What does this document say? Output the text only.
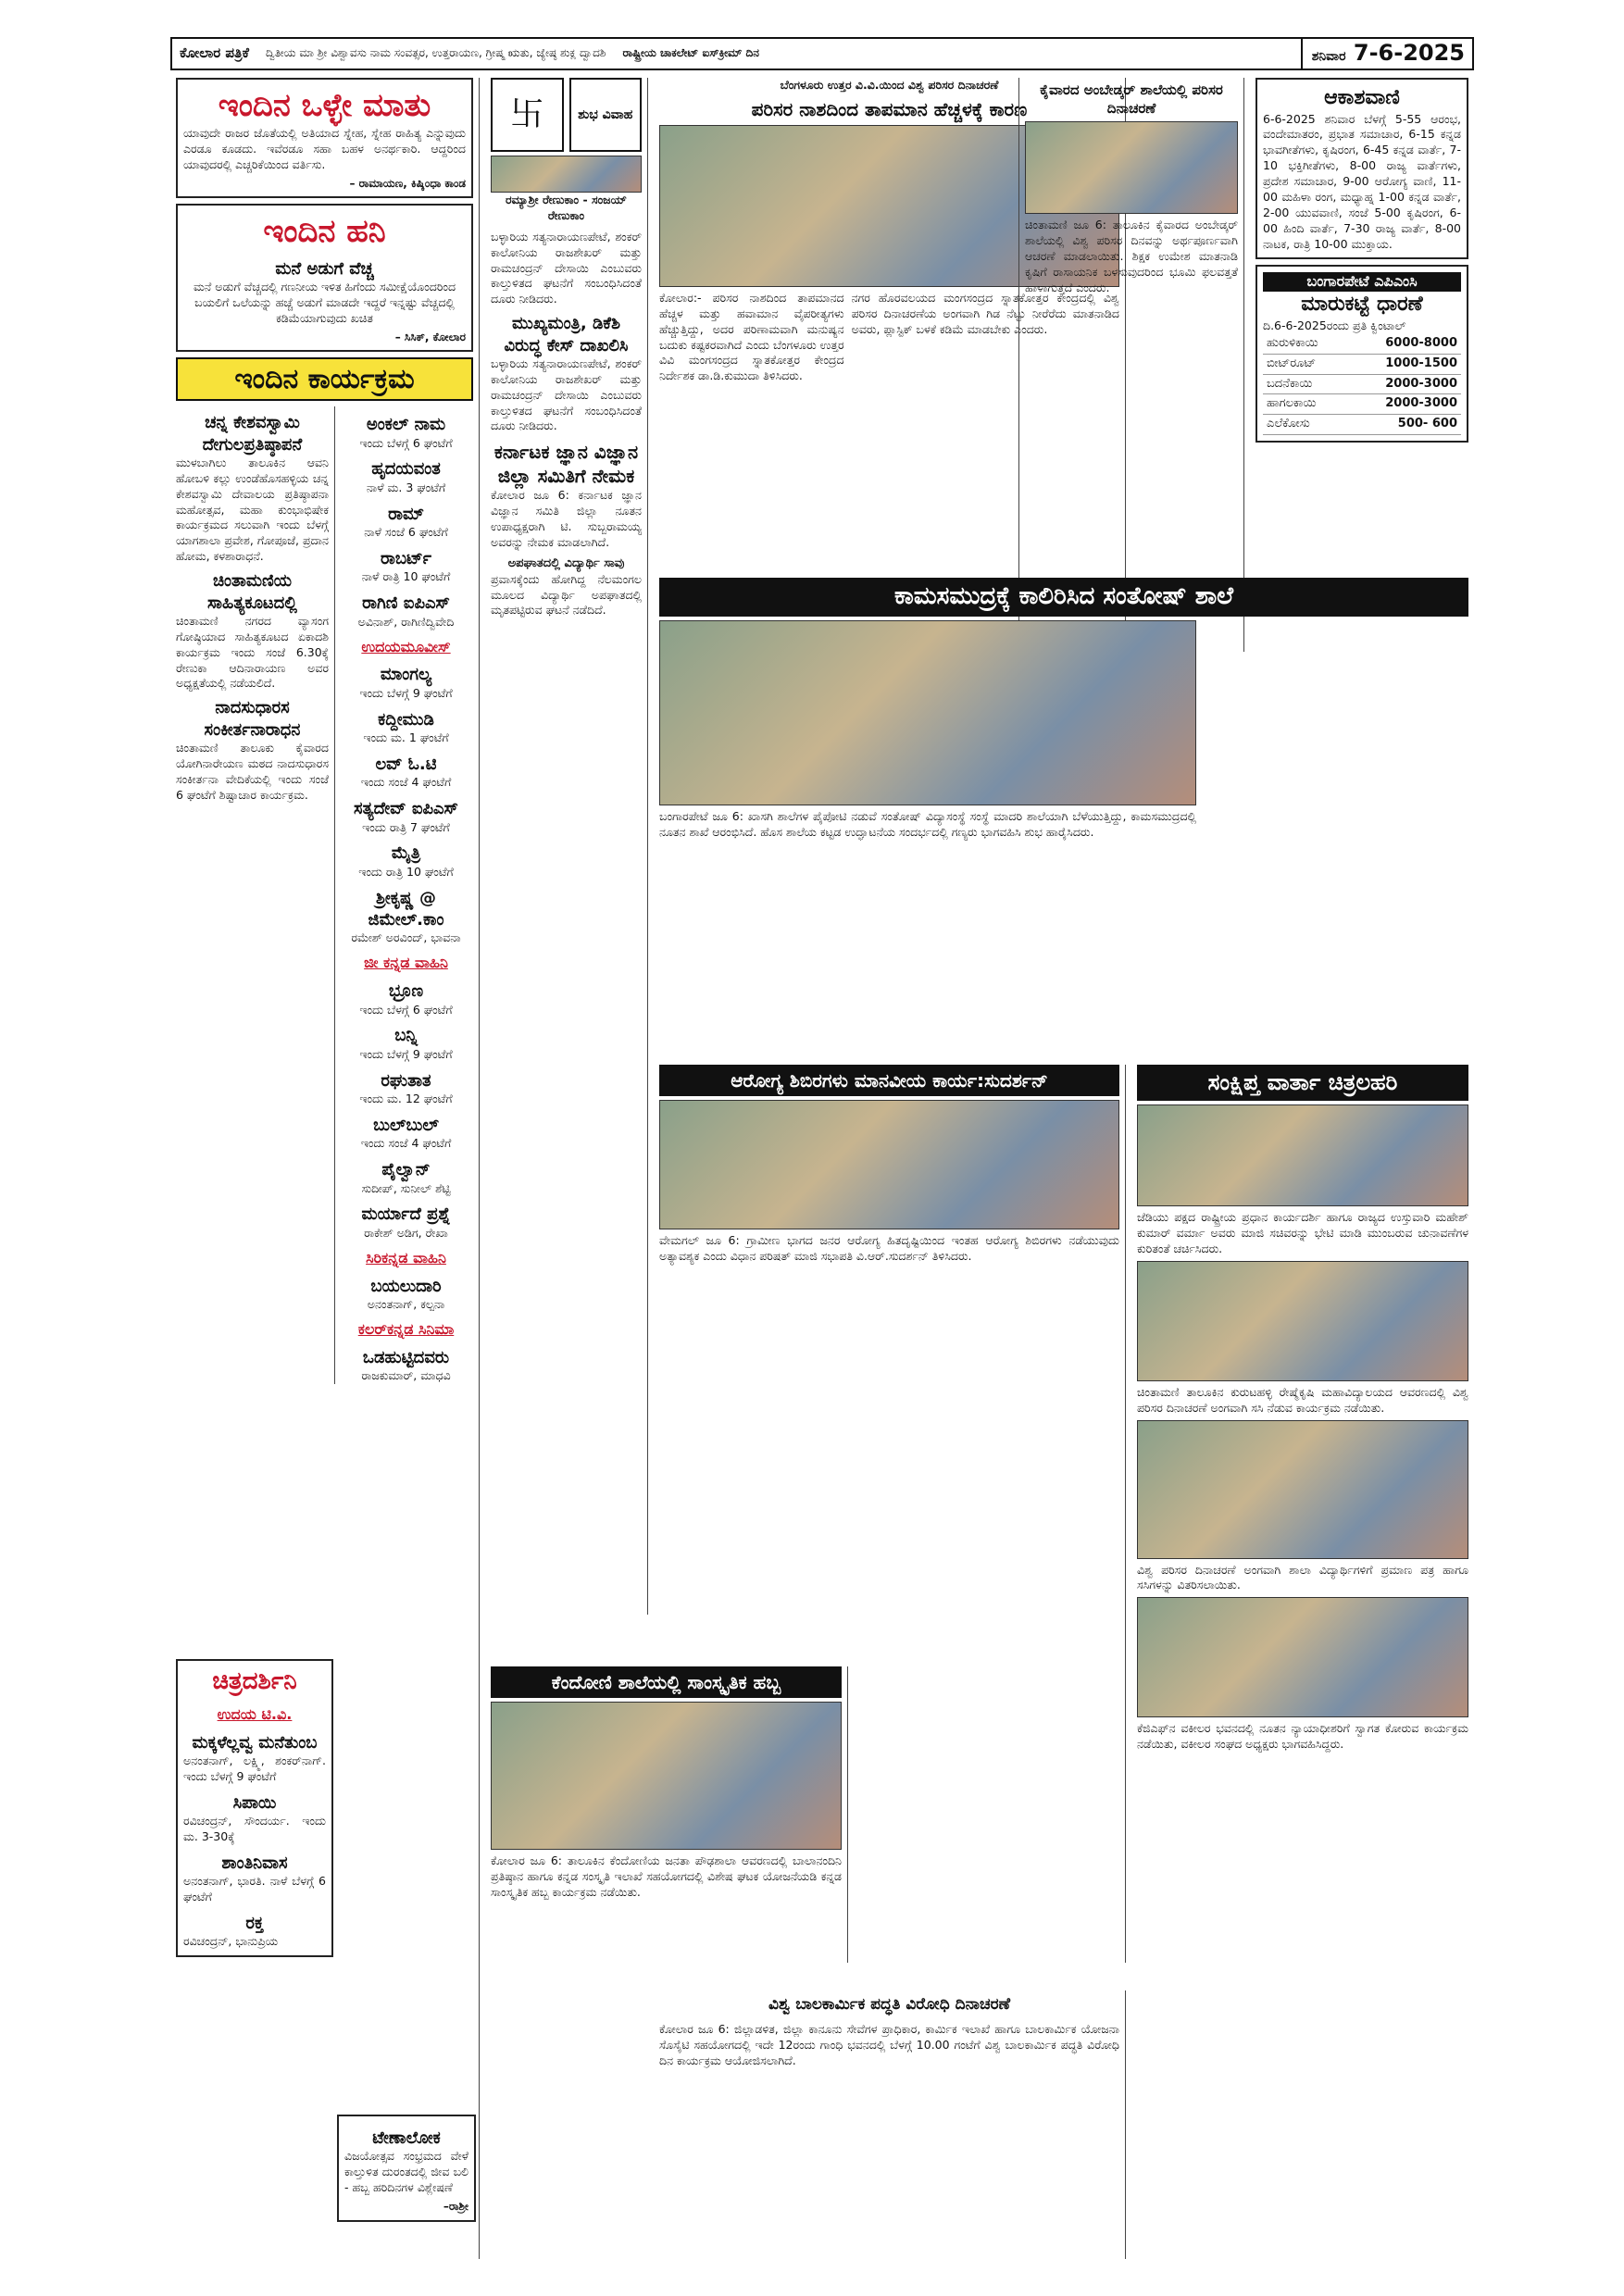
ಕೋಲಾರ ಪತ್ರಿಕೆ ದ್ವಿತೀಯ ಮಾ ಶ್ರೀ ವಿಶ್ವಾವಸು ನಾಮ ಸಂವತ್ಸರ, ಉತ್ತರಾಯಣ, ಗ್ರೀಷ್ಮ ಋತು, ಜ್ಯೇಷ್ಠ ಶುಕ್ಲ ದ್ವಾದಶಿ ರಾಷ್ಟ್ರೀಯ ಚಾಕಲೇಟ್ ಐಸ್‌ಕ್ರೀಮ್ ದಿನ	ಶನಿವಾರ 7-6-2025
ಇಂದಿನ ಒಳ್ಳೇ ಮಾತು
ಯಾವುದೇ ರಾಜರ ಜೊತೆಯಲ್ಲಿ ಅತಿಯಾದ ಸ್ನೇಹ, ಸ್ನೇಹ ರಾಹಿತ್ಯ ಎನ್ನುವುದು ಎರಡೂ ಕೂಡದು. ಇವೆರಡೂ ಸಹಾ ಬಹಳ ಅನರ್ಥಕಾರಿ. ಆದ್ದರಿಂದ ಯಾವುದರಲ್ಲಿ ಎಚ್ಚರಿಕೆಯಿಂದ ವರ್ತಿಸು.
– ರಾಮಾಯಣ, ಕಿಷ್ಕಿಂಧಾ ಕಾಂಡ
ಇಂದಿನ ಹನಿ
ಮನೆ ಅಡುಗೆ ವೆಚ್ಚ
ಮನೆ ಅಡುಗೆ ವೆಚ್ಚದಲ್ಲಿ ಗಣನೀಯ ಇಳಿತ ಹಿಗೆಂದು ಸಮೀಕ್ಷೆಯೊಂದರಿಂದ ಬಯಲಿಗೆ ಒಲೆಯನ್ನು ಹಚ್ಚೆ ಅಡುಗೆ ಮಾಡದೇ ಇದ್ದರೆ ಇನ್ನಷ್ಟು ವೆಚ್ಚದಲ್ಲಿ ಕಡಿಮೆಯಾಗುವುದು ಖಚಿತ
– ಸಿಸಿಕ್, ಕೋಲಾರ
ಇಂದಿನ ಕಾರ್ಯಕ್ರಮ
ಚನ್ನ ಕೇಶವಸ್ವಾಮಿ ದೇಗುಲಪ್ರತಿಷ್ಠಾಪನೆ
ಮುಳಬಾಗಿಲು ತಾಲೂಕಿನ ಆವನಿ ಹೋಬಳಿ ಕಲ್ಲು ಉಂಡೆಹೊಸಹಳ್ಳಿಯ ಚನ್ನ ಕೇಶವಸ್ವಾಮಿ ದೇವಾಲಯ ಪ್ರತಿಷ್ಠಾಪನಾ ಮಹೋತ್ಸವ, ಮಹಾ ಕುಂಭಾಭಿಷೇಕ ಕಾರ್ಯಕ್ರಮದ ಸಲುವಾಗಿ ಇಂದು ಬೆಳಗ್ಗೆ ಯಾಗಶಾಲಾ ಪ್ರವೇಶ, ಗೋಪೂಜೆ, ಪ್ರದಾನ ಹೋಮ, ಕಳಶಾರಾಧನೆ.
ಚಿಂತಾಮಣಿಯ ಸಾಹಿತ್ಯಕೂಟದಲ್ಲಿ
ಚಿಂತಾಮಣಿ ನಗರದ ವ್ಯಾಸಂಗ ಗೋಷ್ಠಿಯಾದ ಸಾಹಿತ್ಯಕೂಟದ ಏಕಾದಶಿ ಕಾರ್ಯಕ್ರಮ ಇಂದು ಸಂಜೆ 6.30ಕ್ಕೆ ರೇಣುಕಾ ಆದಿನಾರಾಯಣ ಅವರ ಅಧ್ಯಕ್ಷತೆಯಲ್ಲಿ ನಡೆಯಲಿದೆ.
ನಾದಸುಧಾರಸ ಸಂಕೀರ್ತನಾರಾಧನ
ಚಿಂತಾಮಣಿ ತಾಲೂಕು ಕೈವಾರದ ಯೋಗಿನಾರೇಯಣ ಮಠದ ನಾದಸುಧಾರಸ ಸಂಕೀರ್ತನಾ ವೇದಿಕೆಯಲ್ಲಿ ಇಂದು ಸಂಜೆ 6 ಘಂಟೆಗೆ ಶಿಷ್ಟಾಚಾರ ಕಾರ್ಯಕ್ರಮ.
ಅಂಕಲ್ ನಾಮ
ಇಂದು ಬೆಳಗ್ಗೆ 6 ಘಂಟೆಗೆ
ಹೃದಯವಂತ
ನಾಳೆ ಮ. 3 ಘಂಟೆಗೆ
ರಾಮ್
ನಾಳೆ ಸಂಜೆ 6 ಘಂಟೆಗೆ
ರಾಬರ್ಟ್
ನಾಳೆ ರಾತ್ರಿ 10 ಘಂಟೆಗೆ
ರಾಗಿಣಿ ಐಪಿಎಸ್
ಅವಿನಾಶ್, ರಾಗಿಣಿದ್ವಿವೇದಿ
ಉದಯಮೂವೀಸ್
ಮಾಂಗಲ್ಯ
ಇಂದು ಬೆಳಗ್ಗೆ 9 ಘಂಟೆಗೆ
ಕದ್ದೀಮುಡಿ
ಇಂದು ಮ. 1 ಘಂಟೆಗೆ
ಲವ್ ಓ.ಟಿ
ಇಂದು ಸಂಜೆ 4 ಘಂಟೆಗೆ
ಸತ್ಯದೇವ್ ಐಪಿಎಸ್
ಇಂದು ರಾತ್ರಿ 7 ಘಂಟೆಗೆ
ಮೈತ್ರಿ
ಇಂದು ರಾತ್ರಿ 10 ಘಂಟೆಗೆ
ಶ್ರೀಕೃಷ್ಣ @ ಜಿಮೇಲ್.ಕಾಂ
ರಮೇಶ್ ಅರವಿಂದ್, ಭಾವನಾ
ಜೀ ಕನ್ನಡ ವಾಹಿನಿ
ಭ್ರೂಣ
ಇಂದು ಬೆಳಗ್ಗೆ 6 ಘಂಟೆಗೆ
ಬನ್ನಿ
ಇಂದು ಬೆಳಗ್ಗೆ 9 ಘಂಟೆಗೆ
ರಘುತಾತ
ಇಂದು ಮ. 12 ಘಂಟೆಗೆ
ಬುಲ್‌ಬುಲ್
ಇಂದು ಸಂಜೆ 4 ಘಂಟೆಗೆ
ಪೈಲ್ವಾನ್
ಸುದೀಪ್, ಸುನೀಲ್ ಶೆಟ್ಟಿ
ಮರ್ಯಾದೆ ಪ್ರಶ್ನೆ
ರಾಕೇಶ್ ಅಡಿಗ, ರೇಖಾ
ಸಿರಿಕನ್ನಡ ವಾಹಿನಿ
ಬಯಲುದಾರಿ
ಅನಂತನಾಗ್, ಕಲ್ಪನಾ
ಕಲರ್‌ಕನ್ನಡ ಸಿನಿಮಾ
ಒಡಹುಟ್ಟಿದವರು
ರಾಜಕುಮಾರ್, ಮಾಧವಿ
ಚಿತ್ರದರ್ಶಿನಿ
ಉದಯ ಟಿ.ವಿ.
ಮಕ್ಕಳೆಲ್ಲವ್ವ ಮನೆತುಂಬ
ಅನಂತನಾಗ್, ಲಕ್ಷ್ಮಿ, ಶಂಕರ್‌ನಾಗ್. ಇಂದು ಬೆಳಗ್ಗೆ 9 ಘಂಟೆಗೆ
ಸಿಪಾಯಿ
ರವಿಚಂದ್ರನ್, ಸೌಂದರ್ಯ. ಇಂದು ಮ. 3-30ಕ್ಕೆ
ಶಾಂತಿನಿವಾಸ
ಅನಂತನಾಗ್, ಭಾರತಿ. ನಾಳೆ ಬೆಳಗ್ಗೆ 6 ಘಂಟೆಗೆ
ರಕ್ತ
ರವಿಚಂದ್ರನ್, ಭಾನುಪ್ರಿಯ
ಟೇಣಾಲೋಕ
ವಿಜಯೋತ್ಸವ ಸಂಭ್ರಮದ ವೇಳೆ ಕಾಲ್ತುಳಿತ ದುರಂತದಲ್ಲಿ ಜೀವ ಬಲಿ - ಹಬ್ಬ ಹರಿದಿನಗಳ ವಿಶ್ಲೇಷಣೆ
–ರಾಶ್ರೀ
卐	ಶುಭ ವಿವಾಹ
ರಮ್ಯಾಶ್ರೀ ರೇಣುಕಾಂ - ಸಂಜಯ್ ರೇಣುಕಾಂ
ಬಳ್ಳಾರಿಯ ಸತ್ಯನಾರಾಯಣಪೇಟೆ, ಶಂಕರ್ ಕಾಲೋನಿಯ ರಾಜಶೇಖರ್ ಮತ್ತು ರಾಮಚಂದ್ರನ್ ದೇಸಾಯಿ ಎಂಬುವರು ಕಾಲ್ತುಳಿತದ ಘಟನೆಗೆ ಸಂಬಂಧಿಸಿದಂತೆ ದೂರು ನೀಡಿದರು.
ಮುಖ್ಯಮಂತ್ರಿ, ಡಿಕೆಶಿ ವಿರುದ್ಧ ಕೇಸ್ ದಾಖಲಿಸಿ
ಬಳ್ಳಾರಿಯ ಸತ್ಯನಾರಾಯಣಪೇಟೆ, ಶಂಕರ್ ಕಾಲೋನಿಯ ರಾಜಶೇಖರ್ ಮತ್ತು ರಾಮಚಂದ್ರನ್ ದೇಸಾಯಿ ಎಂಬುವರು ಕಾಲ್ತುಳಿತದ ಘಟನೆಗೆ ಸಂಬಂಧಿಸಿದಂತೆ ದೂರು ನೀಡಿದರು.
ಕರ್ನಾಟಕ ಜ್ಞಾನ ವಿಜ್ಞಾನ ಜಿಲ್ಲಾ ಸಮಿತಿಗೆ ನೇಮಕ
ಕೋಲಾರ ಜೂ 6: ಕರ್ನಾಟಕ ಜ್ಞಾನ ವಿಜ್ಞಾನ ಸಮಿತಿ ಜಿಲ್ಲಾ ನೂತನ ಉಪಾಧ್ಯಕ್ಷರಾಗಿ ಟಿ. ಸುಬ್ಬರಾಮಯ್ಯ ಅವರನ್ನು ನೇಮಕ ಮಾಡಲಾಗಿದೆ.
ಅಪಘಾತದಲ್ಲಿ ವಿದ್ಯಾರ್ಥಿ ಸಾವು
ಪ್ರವಾಸಕ್ಕೆಂದು ಹೋಗಿದ್ದ ನೆಲಮಂಗಲ ಮೂಲದ ವಿದ್ಯಾರ್ಥಿ ಅಪಘಾತದಲ್ಲಿ ಮೃತಪಟ್ಟಿರುವ ಘಟನೆ ನಡೆದಿದೆ.
ಬೆಂಗಳೂರು ಉತ್ತರ ವಿ.ವಿ.ಯಿಂದ ವಿಶ್ವ ಪರಿಸರ ದಿನಾಚರಣೆ
ಪರಿಸರ ನಾಶದಿಂದ ತಾಪಮಾನ ಹೆಚ್ಚಳಕ್ಕೆ ಕಾರಣ
ಕೋಲಾರ:- ಪರಿಸರ ನಾಶದಿಂದ ತಾಪಮಾನದ ಹೆಚ್ಚಳ ಮತ್ತು ಹವಾಮಾನ ವೈಪರೀತ್ಯಗಳು ಹೆಚ್ಚುತ್ತಿದ್ದು, ಅದರ ಪರಿಣಾಮವಾಗಿ ಮನುಷ್ಯನ ಬದುಕು ಕಷ್ಟಕರವಾಗಿದೆ ಎಂದು ಬೆಂಗಳೂರು ಉತ್ತರ ವಿವಿ ಮಂಗಸಂದ್ರದ ಸ್ನಾತಕೋತ್ತರ ಕೇಂದ್ರದ ನಿರ್ದೇಶಕ ಡಾ.ಡಿ.ಕುಮುದಾ ತಿಳಿಸಿದರು.
ನಗರ ಹೊರವಲಯದ ಮಂಗಸಂದ್ರದ ಸ್ನಾತಕೋತ್ತರ ಕೇಂದ್ರದಲ್ಲಿ ವಿಶ್ವ ಪರಿಸರ ದಿನಾಚರಣೆಯ ಅಂಗವಾಗಿ ಗಿಡ ನೆಟ್ಟು ನೀರೆರೆದು ಮಾತನಾಡಿದ ಅವರು, ಪ್ಲಾಸ್ಟಿಕ್ ಬಳಕೆ ಕಡಿಮೆ ಮಾಡಬೇಕು ಎಂದರು.
ಕೈವಾರದ ಅಂಬೇಡ್ಕರ್ ಶಾಲೆಯಲ್ಲಿ ಪರಿಸರ ದಿನಾಚರಣೆ
ಚಿಂತಾಮಣಿ ಜೂ 6: ತಾಲೂಕಿನ ಕೈವಾರದ ಅಂಬೇಡ್ಕರ್ ಶಾಲೆಯಲ್ಲಿ ವಿಶ್ವ ಪರಿಸರ ದಿನವನ್ನು ಅರ್ಥಪೂರ್ಣವಾಗಿ ಆಚರಣೆ ಮಾಡಲಾಯಿತು. ಶಿಕ್ಷಕ ಉಮೇಶ ಮಾತನಾಡಿ ಕೃಷಿಗೆ ರಾಸಾಯನಿಕ ಬಳಸುವುದರಿಂದ ಭೂಮಿ ಫಲವತ್ತತೆ ಹಾಳಾಗುತ್ತದೆ ಎಂದರು.
ಆಕಾಶವಾಣಿ
6-6-2025 ಶನಿವಾರ ಬೆಳಗ್ಗೆ 5-55 ಆರಂಭ, ವಂದೇಮಾತರಂ, ಪ್ರಭಾತ ಸಮಾಚಾರ, 6-15 ಕನ್ನಡ ಭಾವಗೀತೆಗಳು, ಕೃಷಿರಂಗ, 6-45 ಕನ್ನಡ ವಾರ್ತೆ, 7-10 ಭಕ್ತಿಗೀತೆಗಳು, 8-00 ರಾಜ್ಯ ವಾರ್ತೆಗಳು, ಪ್ರದೇಶ ಸಮಾಚಾರ, 9-00 ಆರೋಗ್ಯ ವಾಣಿ, 11-00 ಮಹಿಳಾ ರಂಗ, ಮಧ್ಯಾಹ್ನ 1-00 ಕನ್ನಡ ವಾರ್ತೆ, 2-00 ಯುವವಾಣಿ, ಸಂಜೆ 5-00 ಕೃಷಿರಂಗ, 6-00 ಹಿಂದಿ ವಾರ್ತೆ, 7-30 ರಾಜ್ಯ ವಾರ್ತೆ, 8-00 ನಾಟಕ, ರಾತ್ರಿ 10-00 ಮುಕ್ತಾಯ.
ಬಂಗಾರಪೇಟೆ ಎಪಿಎಂಸಿ
ಮಾರುಕಟ್ಟೆ ಧಾರಣೆ
ದಿ.6-6-2025ರಂದು ಪ್ರತಿ ಕ್ವಿಂಟಾಲ್
ಹುರುಳಿಕಾಯಿ	6000-8000
ಬೀಟ್‌ರೂಟ್	1000-1500
ಬದನೆಕಾಯಿ	2000-3000
ಹಾಗಲಕಾಯಿ	2000-3000
ಎಲೆಕೋಸು	500- 600
ಕಾಮಸಮುದ್ರಕ್ಕೆ ಕಾಲಿರಿಸಿದ ಸಂತೋಷ್ ಶಾಲೆ
ಬಂಗಾರಪೇಟೆ ಜೂ 6: ಖಾಸಗಿ ಶಾಲೆಗಳ ಪೈಪೋಟಿ ನಡುವೆ ಸಂತೋಷ್ ವಿದ್ಯಾಸಂಸ್ಥೆ ಸಂಸ್ಥೆ ಮಾದರಿ ಶಾಲೆಯಾಗಿ ಬೆಳೆಯುತ್ತಿದ್ದು, ಕಾಮಸಮುದ್ರದಲ್ಲಿ ನೂತನ ಶಾಖೆ ಆರಂಭಿಸಿದೆ. ಹೊಸ ಶಾಲೆಯ ಕಟ್ಟಡ ಉದ್ಘಾಟನೆಯ ಸಂದರ್ಭದಲ್ಲಿ ಗಣ್ಯರು ಭಾಗವಹಿಸಿ ಶುಭ ಹಾರೈಸಿದರು.
ಆರೋಗ್ಯ ಶಿಬಿರಗಳು ಮಾನವೀಯ ಕಾರ್ಯ:ಸುದರ್ಶನ್
ವೇಮಗಲ್ ಜೂ 6: ಗ್ರಾಮೀಣ ಭಾಗದ ಜನರ ಆರೋಗ್ಯ ಹಿತದೃಷ್ಟಿಯಿಂದ ಇಂತಹ ಆರೋಗ್ಯ ಶಿಬಿರಗಳು ನಡೆಯುವುದು ಅತ್ಯಾವಶ್ಯಕ ಎಂದು ವಿಧಾನ ಪರಿಷತ್ ಮಾಜಿ ಸಭಾಪತಿ ವಿ.ಆರ್.ಸುದರ್ಶನ್ ತಿಳಿಸಿದರು.
ಕೆಂದೋಣಿ ಶಾಲೆಯಲ್ಲಿ ಸಾಂಸ್ಕೃತಿಕ ಹಬ್ಬ
ಕೋಲಾರ ಜೂ 6: ತಾಲೂಕಿನ ಕೆಂದೋಣಿಯ ಜನತಾ ಪೌಢಶಾಲಾ ಆವರಣದಲ್ಲಿ ಬಾಲಾನಂದಿನಿ ಪ್ರತಿಷ್ಠಾನ ಹಾಗೂ ಕನ್ನಡ ಸಂಸ್ಕೃತಿ ಇಲಾಖೆ ಸಹಯೋಗದಲ್ಲಿ ವಿಶೇಷ ಘಟಕ ಯೋಜನೆಯಡಿ ಕನ್ನಡ ಸಾಂಸ್ಕೃತಿಕ ಹಬ್ಬ ಕಾರ್ಯಕ್ರಮ ನಡೆಯಿತು.
ಸಂಕ್ಷಿಪ್ತ ವಾರ್ತಾ ಚಿತ್ರಲಹರಿ
ಜೆಡಿಯು ಪಕ್ಷದ ರಾಷ್ಟ್ರೀಯ ಪ್ರಧಾನ ಕಾರ್ಯದರ್ಶಿ ಹಾಗೂ ರಾಜ್ಯದ ಉಸ್ತುವಾರಿ ಮಹೇಶ್ ಕುಮಾರ್ ವರ್ಮಾ ಅವರು ಮಾಜಿ ಸಚಿವರನ್ನು ಭೇಟಿ ಮಾಡಿ ಮುಂಬರುವ ಚುನಾವಣೆಗಳ ಕುರಿತಂತೆ ಚರ್ಚಿಸಿದರು.
ಚಿಂತಾಮಣಿ ತಾಲೂಕಿನ ಕುರುಟಹಳ್ಳಿ ರೇಷ್ಮೆಕೃಷಿ ಮಹಾವಿದ್ಯಾಲಯದ ಆವರಣದಲ್ಲಿ ವಿಶ್ವ ಪರಿಸರ ದಿನಾಚರಣೆ ಅಂಗವಾಗಿ ಸಸಿ ನೆಡುವ ಕಾರ್ಯಕ್ರಮ ನಡೆಯಿತು.
ವಿಶ್ವ ಪರಿಸರ ದಿನಾಚರಣೆ ಅಂಗವಾಗಿ ಶಾಲಾ ವಿದ್ಯಾರ್ಥಿಗಳಿಗೆ ಪ್ರಮಾಣ ಪತ್ರ ಹಾಗೂ ಸಸಿಗಳನ್ನು ವಿತರಿಸಲಾಯಿತು.
ಕೆಜಿಎಫ್‌ನ ವಕೀಲರ ಭವನದಲ್ಲಿ ನೂತನ ನ್ಯಾಯಾಧೀಶರಿಗೆ ಸ್ವಾಗತ ಕೋರುವ ಕಾರ್ಯಕ್ರಮ ನಡೆಯಿತು, ವಕೀಲರ ಸಂಘದ ಅಧ್ಯಕ್ಷರು ಭಾಗವಹಿಸಿದ್ದರು.
ವಿಶ್ವ ಬಾಲಕಾರ್ಮಿಕ ಪದ್ಧತಿ ವಿರೋಧಿ ದಿನಾಚರಣೆ
ಕೋಲಾರ ಜೂ 6: ಜಿಲ್ಲಾಡಳಿತ, ಜಿಲ್ಲಾ ಕಾನೂನು ಸೇವೆಗಳ ಪ್ರಾಧಿಕಾರ, ಕಾರ್ಮಿಕ ಇಲಾಖೆ ಹಾಗೂ ಬಾಲಕಾರ್ಮಿಕ ಯೋಜನಾ ಸೊಸೈಟಿ ಸಹಯೋಗದಲ್ಲಿ ಇದೇ 12ರಂದು ಗಾಂಧಿ ಭವನದಲ್ಲಿ ಬೆಳಗ್ಗೆ 10.00 ಗಂಟೆಗೆ ವಿಶ್ವ ಬಾಲಕಾರ್ಮಿಕ ಪದ್ಧತಿ ವಿರೋಧಿ ದಿನ ಕಾರ್ಯಕ್ರಮ ಆಯೋಜಿಸಲಾಗಿದೆ.
